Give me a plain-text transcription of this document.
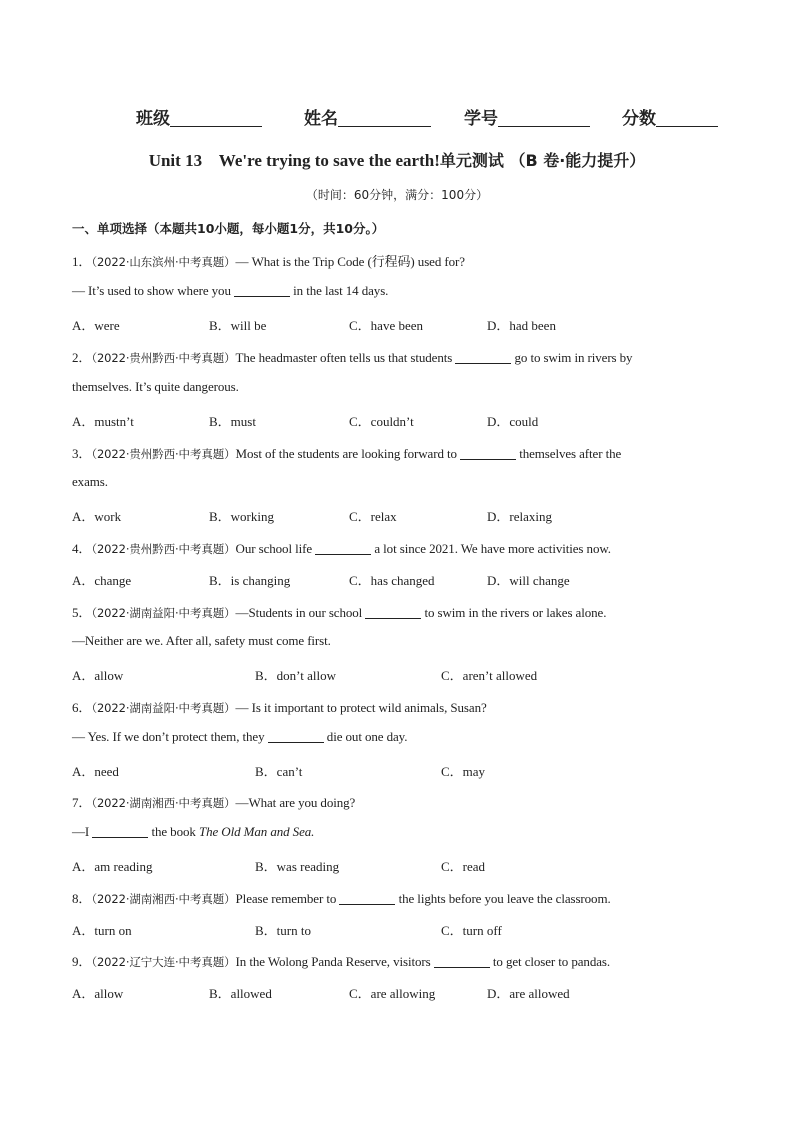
班级	姓名	学号	分数
Unit 13    We're trying to save the earth!单元测试 （B 卷·能力提升）
（时间：60分钟，满分：100分）
一、单项选择（本题共10小题，每小题1分，共10分。）
1．（2022·山东滨州·中考真题）— What is the Trip Code (行程码) used for?
— It’s used to show where you	in the last 14 days.
A．were	B．will be	C．have been	D．had been
2．（2022·贵州黔西·中考真题）The headmaster often tells us that students	go to swim in rivers by
themselves. It’s quite dangerous.
A．mustn’t	B．must	C．couldn’t	D．could
3．（2022·贵州黔西·中考真题）Most of the students are looking forward to	themselves after the
exams.
A．work	B．working	C．relax	D．relaxing
4．（2022·贵州黔西·中考真题）Our school life	a lot since 2021. We have more activities now.
A．change	B．is changing	C．has changed	D．will change
5．（2022·湖南益阳·中考真题）—Students in our school	to swim in the rivers or lakes alone.
—Neither are we. After all, safety must come first.
A．allow	B．don’t allow	C．aren’t allowed
6．（2022·湖南益阳·中考真题）— Is it important to protect wild animals, Susan?
— Yes. If we don’t protect them, they	die out one day.
A．need	B．can’t	C．may
7．（2022·湖南湘西·中考真题）—What are you doing?
—I	the book The Old Man and Sea.
A．am reading	B．was reading	C．read
8．（2022·湖南湘西·中考真题）Please remember to	the lights before you leave the classroom.
A．turn on	B．turn to	C．turn off
9．（2022·辽宁大连·中考真题）In the Wolong Panda Reserve, visitors	to get closer to pandas.
A．allow	B．allowed	C．are allowing	D．are allowed
